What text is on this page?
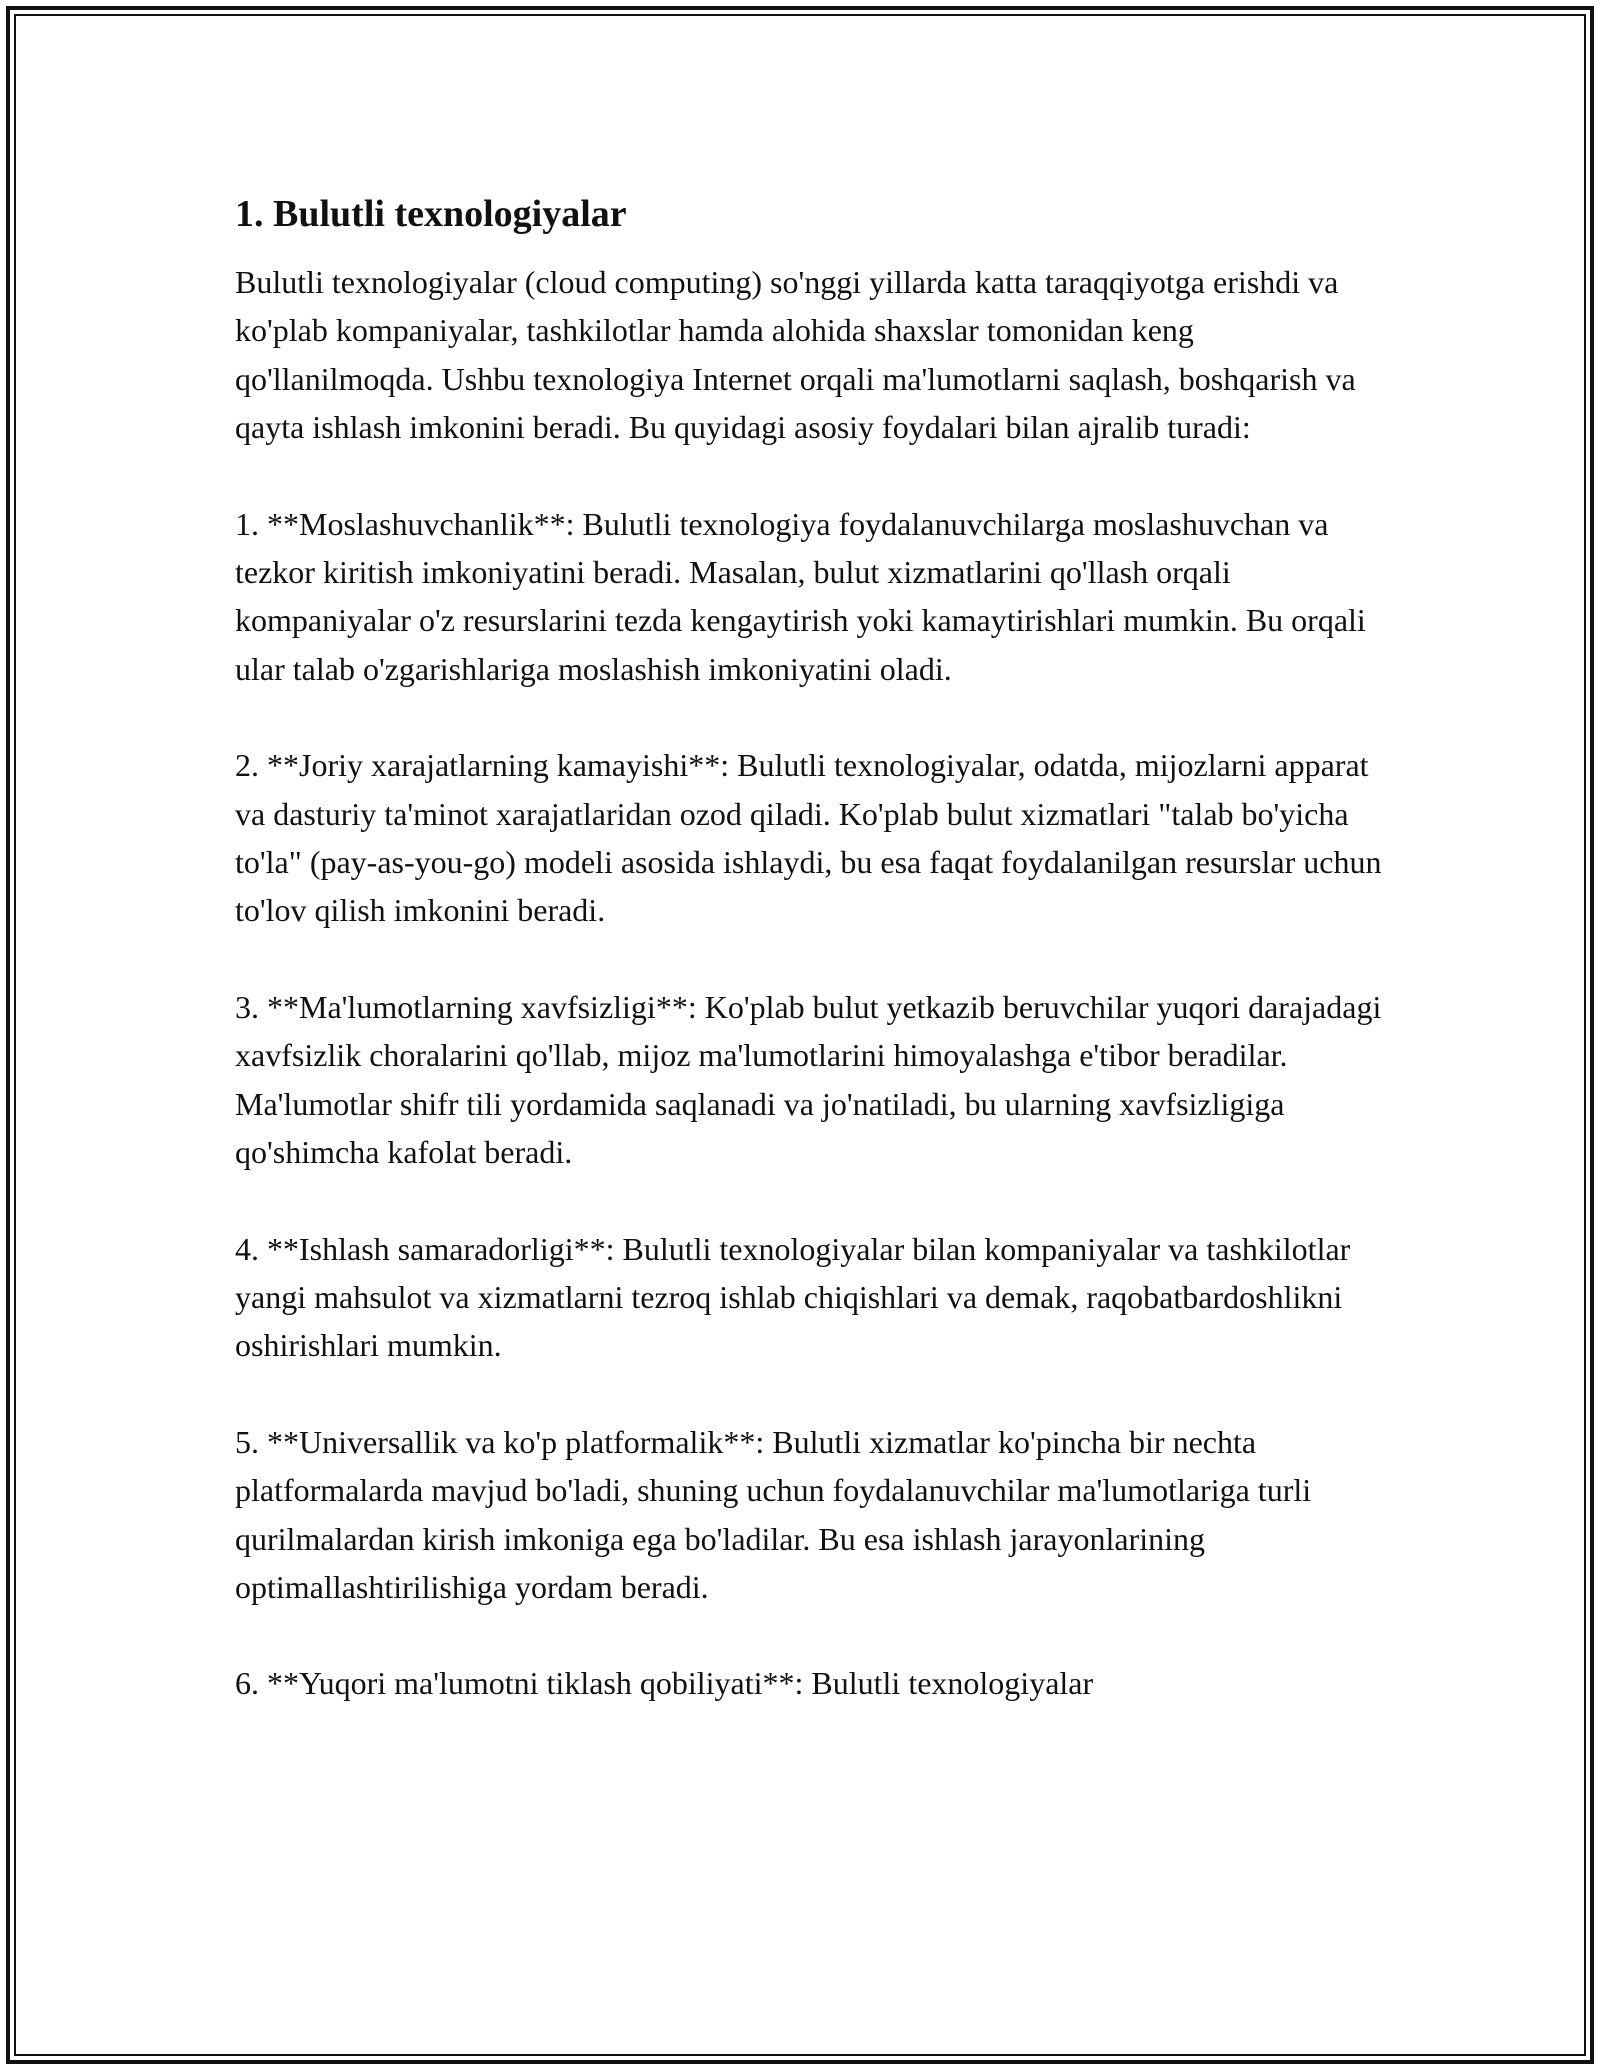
1. Bulutli texnologiyalar

Bulutli texnologiyalar (cloud computing) so'nggi yillarda katta taraqqiyotga erishdi va ko'plab kompaniyalar, tashkilotlar hamda alohida shaxslar tomonidan keng qo'llanilmoqda. Ushbu texnologiya Internet orqali ma'lumotlarni saqlash, boshqarish va qayta ishlash imkonini beradi. Bu quyidagi asosiy foydalari bilan ajralib turadi:

1. **Moslashuvchanlik**: Bulutli texnologiya foydalanuvchilarga moslashuvchan va tezkor kiritish imkoniyatini beradi. Masalan, bulut xizmatlarini qo'llash orqali kompaniyalar o'z resurslarini tezda kengaytirish yoki kamaytirishlari mumkin. Bu orqali ular talab o'zgarishlariga moslashish imkoniyatini oladi.

2. **Joriy xarajatlarning kamayishi**: Bulutli texnologiyalar, odatda, mijozlarni apparat va dasturiy ta'minot xarajatlaridan ozod qiladi. Ko'plab bulut xizmatlari "talab bo'yicha to'la" (pay-as-you-go) modeli asosida ishlaydi, bu esa faqat foydalanilgan resurslar uchun to'lov qilish imkonini beradi.

3. **Ma'lumotlarning xavfsizligi**: Ko'plab bulut yetkazib beruvchilar yuqori darajadagi xavfsizlik choralarini qo'llab, mijoz ma'lumotlarini himoyalashga e'tibor beradilar. Ma'lumotlar shifr tili yordamida saqlanadi va jo'natiladi, bu ularning xavfsizligiga qo'shimcha kafolat beradi.

4. **Ishlash samaradorligi**: Bulutli texnologiyalar bilan kompaniyalar va tashkilotlar yangi mahsulot va xizmatlarni tezroq ishlab chiqishlari va demak, raqobatbardoshlikni oshirishlari mumkin.

5. **Universallik va ko'p platformalik**: Bulutli xizmatlar ko'pincha bir nechta platformalarda mavjud bo'ladi, shuning uchun foydalanuvchilar ma'lumotlariga turli qurilmalardan kirish imkoniga ega bo'ladilar. Bu esa ishlash jarayonlarining optimallashtirilishiga yordam beradi.

6. **Yuqori ma'lumotni tiklash qobiliyati**: Bulutli texnologiyalar
